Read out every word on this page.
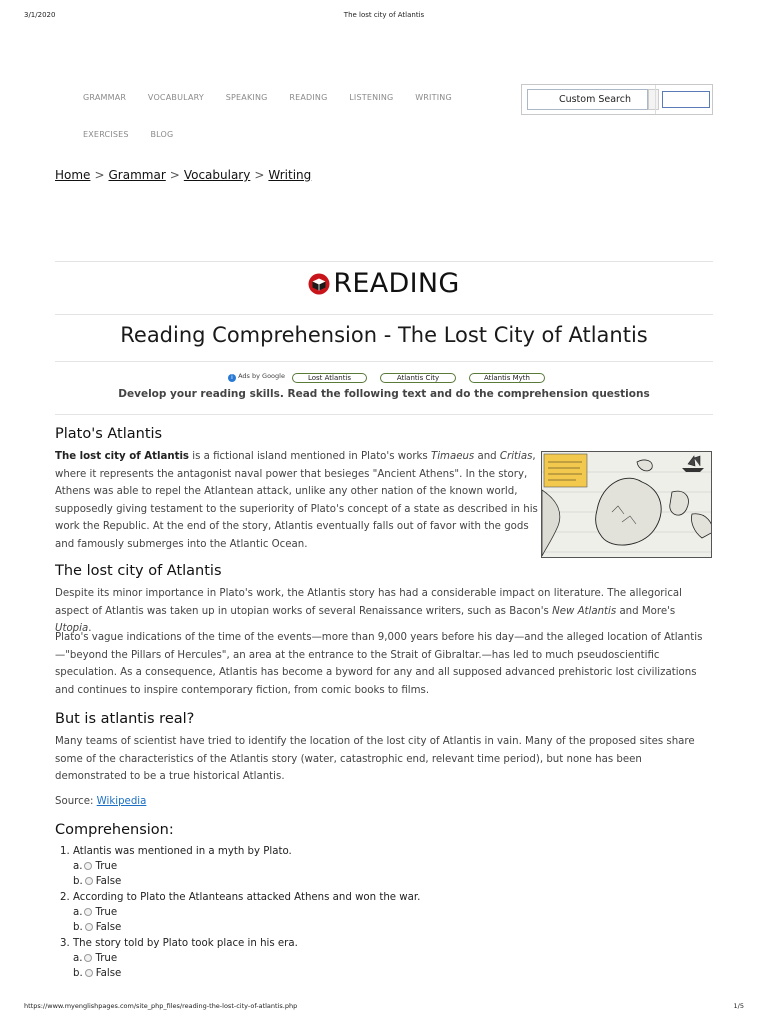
3/1/2020	The lost city of Atlantis
GRAMMAR	VOCABULARY	SPEAKING	READING	LISTENING	WRITING
EXERCISES	BLOG
Custom Search
Home > Grammar > Vocabulary > Writing
READING
Reading Comprehension - The Lost City of Atlantis
i Ads by Google	Lost Atlantis	Atlantis City	Atlantis Myth
Develop your reading skills. Read the following text and do the comprehension questions
Plato's Atlantis

The lost city of Atlantis is a fictional island mentioned in Plato's works Timaeus and Critias, where it represents the antagonist naval power that besieges "Ancient Athens". In the story, Athens was able to repel the Atlantean attack, unlike any other nation of the known world, supposedly giving testament to the superiority of Plato's concept of a state as described in his work the Republic. At the end of the story, Atlantis eventually falls out of favor with the gods and famously submerges into the Atlantic Ocean.

The lost city of Atlantis

Despite its minor importance in Plato's work, the Atlantis story has had a considerable impact on literature. The allegorical aspect of Atlantis was taken up in utopian works of several Renaissance writers, such as Bacon's New Atlantis and More's Utopia.

Plato's vague indications of the time of the events—more than 9,000 years before his day—and the alleged location of Atlantis —"beyond the Pillars of Hercules", an area at the entrance to the Strait of Gibraltar.—has led to much pseudoscientific speculation. As a consequence, Atlantis has become a byword for any and all supposed advanced prehistoric lost civilizations and continues to inspire contemporary fiction, from comic books to films.

But is atlantis real?

Many teams of scientist have tried to identify the location of the lost city of Atlantis in vain. Many of the proposed sites share some of the characteristics of the Atlantis story (water, catastrophic end, relevant time period), but none has been demonstrated to be a true historical Atlantis.

Source: Wikipedia
Comprehension:
1. Atlantis was mentioned in a myth by Plato.
a. True
b. False
2. According to Plato the Atlanteans attacked Athens and won the war.
a. True
b. False
3. The story told by Plato took place in his era.
a. True
b. False
https://www.myenglishpages.com/site_php_files/reading-the-lost-city-of-atlantis.php	1/5
